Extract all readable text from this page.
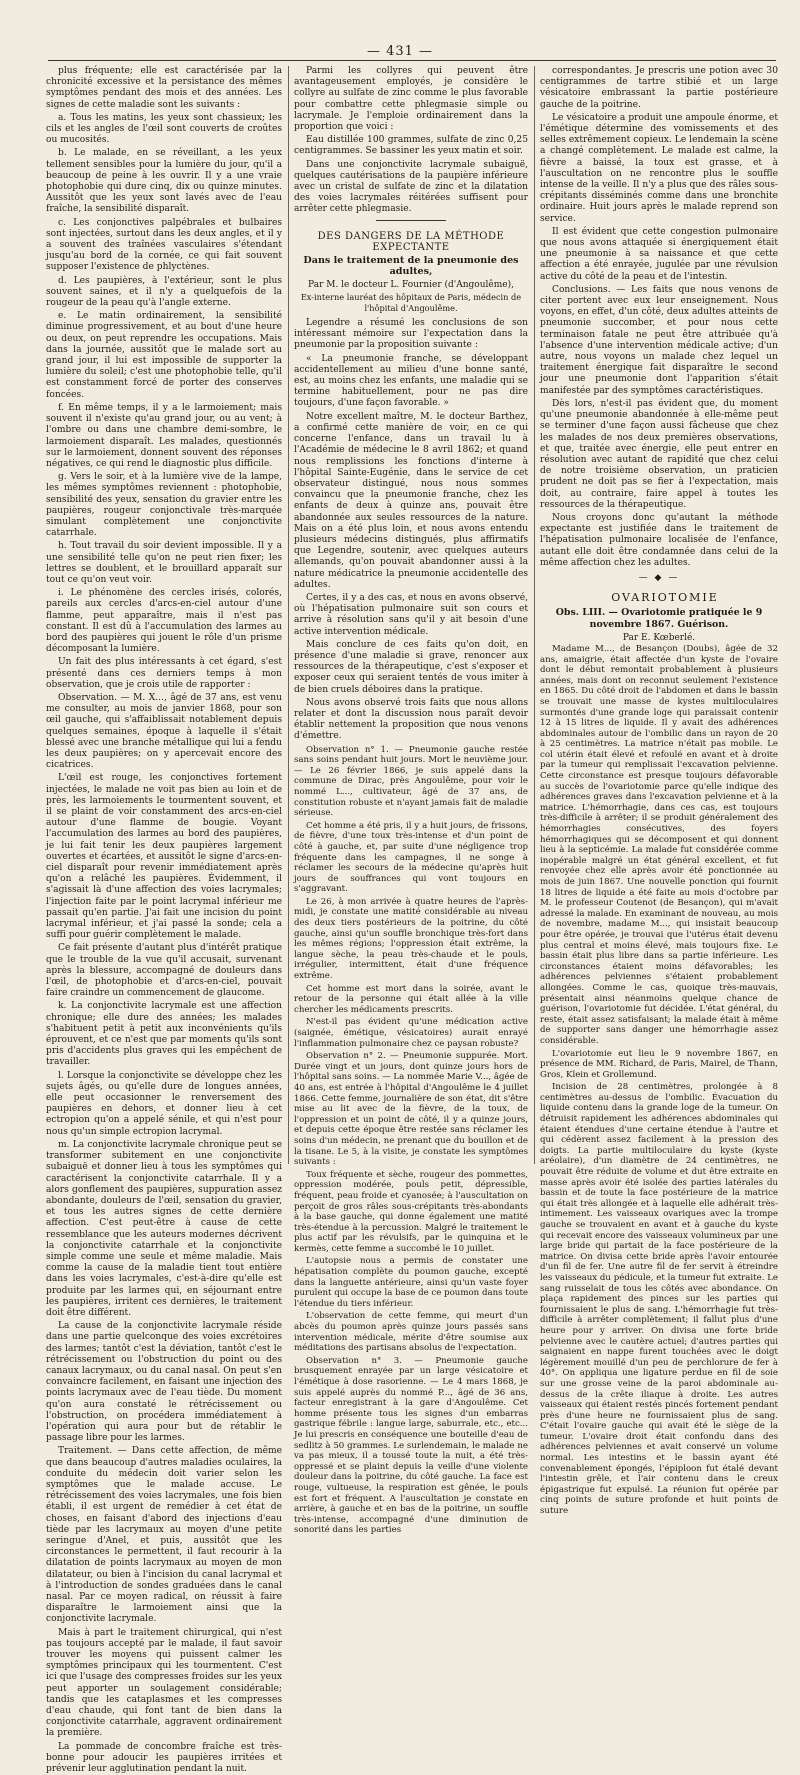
— 431 —

plus fréquente; elle est caractérisée par la chronicité excessive et la persistance des mêmes symptômes pendant des mois et des années. Les signes de cette maladie sont les suivants :

a. Tous les matins, les yeux sont chassieux; les cils et les angles de l'œil sont couverts de croûtes ou mucosités.

b. Le malade, en se réveillant, a les yeux tellement sensibles pour la lumière du jour, qu'il a beaucoup de peine à les ouvrir. Il y a une vraie photophobie qui dure cinq, dix ou quinze minutes. Aussitôt que les yeux sont lavés avec de l'eau fraîche, la sensibilité disparaît.

c. Les conjonctives palpébrales et bulbaires sont injectées, surtout dans les deux angles, et il y a souvent des traînées vasculaires s'étendant jusqu'au bord de la cornée, ce qui fait souvent supposer l'existence de phlyctènes.

d. Les paupières, à l'extérieur, sont le plus souvent saines, et il n'y a quelquefois de la rougeur de la peau qu'à l'angle externe.

e. Le matin ordinairement, la sensibilité diminue progressivement, et au bout d'une heure ou deux, on peut reprendre les occupations. Mais dans la journée, aussitôt que le malade sort au grand jour, il lui est impossible de supporter la lumière du soleil; c'est une photophobie telle, qu'il est constamment forcé de porter des conserves foncées.

f. En même temps, il y a le larmoiement; mais souvent il n'existe qu'au grand jour, ou au vent; à l'ombre ou dans une chambre demi-sombre, le larmoiement disparaît. Les malades, questionnés sur le larmoiement, donnent souvent des réponses négatives, ce qui rend le diagnostic plus difficile.

g. Vers le soir, et à la lumière vive de la lampe, les mêmes symptômes reviennent : photophobie, sensibilité des yeux, sensation du gravier entre les paupières, rougeur conjonctivale très-marquée simulant complètement une conjonctivite catarrhale.

h. Tout travail du soir devient impossible. Il y a une sensibilité telle qu'on ne peut rien fixer; les lettres se doublent, et le brouillard apparaît sur tout ce qu'on veut voir.

i. Le phénomène des cercles irisés, colorés, pareils aux cercles d'arcs-en-ciel autour d'une flamme, peut apparaître, mais il n'est pas constant. Il est dû à l'accumulation des larmes au bord des paupières qui jouent le rôle d'un prisme décomposant la lumière.

Un fait des plus intéressants à cet égard, s'est présenté dans ces derniers temps à mon observation, que je crois utile de rapporter :

Observation. — M. X..., âgé de 37 ans, est venu me consulter, au mois de janvier 1868, pour son œil gauche, qui s'affaiblissait notablement depuis quelques semaines, époque à laquelle il s'était blessé avec une branche métallique qui lui a fendu les deux paupières; on y apercevait encore des cicatrices.

L'œil est rouge, les conjonctives fortement injectées, le malade ne voit pas bien au loin et de près, les larmoiements le tourmentent souvent, et il se plaint de voir constamment des arcs-en-ciel autour d'une flamme de bougie. Voyant l'accumulation des larmes au bord des paupières, je lui fait tenir les deux paupières largement ouvertes et écartées, et aussitôt le signe d'arcs-en-ciel disparaît pour revenir immédiatement après qu'on a relâché les paupières. Évidemment, il s'agissait là d'une affection des voies lacrymales; l'injection faite par le point lacrymal inférieur me passait qu'en partie. J'ai fait une incision du point lacrymal inférieur, et j'ai passé la sonde; cela a suffi pour guérir complètement le malade.

Ce fait présente d'autant plus d'intérêt pratique que le trouble de la vue qu'il accusait, survenant après la blessure, accompagné de douleurs dans l'œil, de photophobie et d'arcs-en-ciel, pouvait faire craindre un commencement de glaucome.

k. La conjonctivite lacrymale est une affection chronique; elle dure des années; les malades s'habituent petit à petit aux inconvénients qu'ils éprouvent, et ce n'est que par moments qu'ils sont pris d'accidents plus graves qui les empêchent de travailler.

l. Lorsque la conjonctivite se développe chez les sujets âgés, ou qu'elle dure de longues années, elle peut occasionner le renversement des paupières en dehors, et donner lieu à cet ectropion qu'on a appelé sénile, et qui n'est pour nous qu'un simple ectropion lacrymal.

m. La conjonctivite lacrymale chronique peut se transformer subitement en une conjonctivite subaiguë et donner lieu à tous les symptômes qui caractérisent la conjonctivite catarrhale. Il y a alors gonflement des paupières, suppuration assez abondante, douleurs de l'œil, sensation du gravier, et tous les autres signes de cette dernière affection. C'est peut-être à cause de cette ressemblance que les auteurs modernes décrivent la conjonctivite catarrhale et la conjonctivite simple comme une seule et même maladie. Mais comme la cause de la maladie tient tout entière dans les voies lacrymales, c'est-à-dire qu'elle est produite par les larmes qui, en séjournant entre les paupières, irritent ces dernières, le traitement doit être différent.

La cause de la conjonctivite lacrymale réside dans une partie quelconque des voies excrétoires des larmes; tantôt c'est la déviation, tantôt c'est le rétrécissement ou l'obstruction du point ou des canaux lacrymaux, ou du canal nasal. On peut s'en convaincre facilement, en faisant une injection des points lacrymaux avec de l'eau tiède. Du moment qu'on aura constaté le rétrécissement ou l'obstruction, on procédera immédiatement à l'opération qui aura pour but de rétablir le passage libre pour les larmes.

Traitement. — Dans cette affection, de même que dans beaucoup d'autres maladies oculaires, la conduite du médecin doit varier selon les symptômes que le malade accuse. Le rétrécissement des voies lacrymales, une fois bien établi, il est urgent de remédier à cet état de choses, en faisant d'abord des injections d'eau tiède par les lacrymaux au moyen d'une petite seringue d'Anel, et puis, aussitôt que les circonstances le permettent, il faut recourir à la dilatation de points lacrymaux au moyen de mon dilatateur, ou bien à l'incision du canal lacrymal et à l'introduction de sondes graduées dans le canal nasal. Par ce moyen radical, on réussit à faire disparaître le larmoiement ainsi que la conjonctivite lacrymale.

Mais à part le traitement chirurgical, qui n'est pas toujours accepté par le malade, il faut savoir trouver les moyens qui puissent calmer les symptômes principaux qui les tourmentent. C'est ici que l'usage des compresses froides sur les yeux peut apporter un soulagement considérable; tandis que les cataplasmes et les compresses d'eau chaude, qui font tant de bien dans la conjonctivite catarrhale, aggravent ordinairement la première.

La pommade de concombre fraîche est très-bonne pour adoucir les paupières irritées et prévenir leur agglutination pendant la nuit.

Parmi les collyres qui peuvent être avantageusement employés, je considère le collyre au sulfate de zinc comme le plus favorable pour combattre cette phlegmasie simple ou lacrymale. Je l'emploie ordinairement dans la proportion que voici :

Eau distillée 100 grammes, sulfate de zinc 0,25 centigrammes. Se bassiner les yeux matin et soir.

Dans une conjonctivite lacrymale subaiguë, quelques cautérisations de la paupière inférieure avec un cristal de sulfate de zinc et la dilatation des voies lacrymales réitérées suffisent pour arrêter cette phlegmasie.

DES DANGERS DE LA MÉTHODE EXPECTANTE

Dans le traitement de la pneumonie des adultes,

Par M. le docteur L. Fournier (d'Angoulême),

Ex-interne lauréat des hôpitaux de Paris, médecin de l'hôpital d'Angoulême.

Legendre a résumé les conclusions de son intéressant mémoire sur l'expectation dans la pneumonie par la proposition suivante :

« La pneumonie franche, se développant accidentellement au milieu d'une bonne santé, est, au moins chez les enfants, une maladie qui se termine habituellement, pour ne pas dire toujours, d'une façon favorable. »

Notre excellent maître, M. le docteur Barthez, a confirmé cette manière de voir, en ce qui concerne l'enfance, dans un travail lu à l'Académie de médecine le 8 avril 1862; et quand nous remplissions les fonctions d'interne à l'hôpital Sainte-Eugénie, dans le service de cet observateur distingué, nous nous sommes convaincu que la pneumonie franche, chez les enfants de deux à quinze ans, pouvait être abandonnée aux seules ressources de la nature. Mais on a été plus loin, et nous avons entendu plusieurs médecins distingués, plus affirmatifs que Legendre, soutenir, avec quelques auteurs allemands, qu'on pouvait abandonner aussi à la nature médicatrice la pneumonie accidentelle des adultes.

Certes, il y a des cas, et nous en avons observé, où l'hépatisation pulmonaire suit son cours et arrive à résolution sans qu'il y ait besoin d'une active intervention médicale.

Mais conclure de ces faits qu'on doit, en présence d'une maladie si grave, renoncer aux ressources de la thérapeutique, c'est s'exposer et exposer ceux qui seraient tentés de vous imiter à de bien cruels déboires dans la pratique.

Nous avons observé trois faits que nous allons relater et dont la discussion nous paraît devoir établir nettement la proposition que nous venons d'émettre.

Observation n° 1. — Pneumonie gauche restée sans soins pendant huit jours. Mort le neuvième jour. — Le 26 février 1866, je suis appelé dans la commune de Dirac, près Angoulême, pour voir le nommé L..., cultivateur, âgé de 37 ans, de constitution robuste et n'ayant jamais fait de maladie sérieuse.

Cet homme a été pris, il y a huit jours, de frissons, de fièvre, d'une toux très-intense et d'un point de côté à gauche, et, par suite d'une négligence trop fréquente dans les campagnes, il ne songe à réclamer les secours de la médecine qu'après huit jours de souffrances qui vont toujours en s'aggravant.

Le 26, à mon arrivée à quatre heures de l'après-midi, je constate une matité considérable au niveau des deux tiers postérieurs de la poitrine, du côté gauche, ainsi qu'un souffle bronchique très-fort dans les mêmes régions; l'oppression était extrême, la langue sèche, la peau très-chaude et le pouls, irrégulier, intermittent, était d'une fréquence extrême.

Cet homme est mort dans la soirée, avant le retour de la personne qui était allée à la ville chercher les médicaments prescrits.

N'est-il pas évident qu'une médication active (saignée, émétique, vésicatoires) aurait enrayé l'inflammation pulmonaire chez ce paysan robuste?

Observation n° 2. — Pneumonie suppurée. Mort. Durée vingt et un jours, dont quinze jours hors de l'hôpital sans soins. — La nommée Marie V..., âgée de 40 ans, est entrée à l'hôpital d'Angoulême le 4 juillet 1866. Cette femme, journalière de son état, dit s'être mise au lit avec de la fièvre, de la toux, de l'oppression et un point de côté, il y a quinze jours, et depuis cette époque être restée sans réclamer les soins d'un médecin, ne prenant que du bouillon et de la tisane. Le 5, à la visite, je constate les symptômes suivants :

Toux fréquente et sèche, rougeur des pommettes, oppression modérée, pouls petit, dépressible, fréquent, peau froide et cyanosée; à l'auscultation on perçoit de gros râles sous-crépitants très-abondants à la base gauche, qui donne également une matité très-étendue à la percussion. Malgré le traitement le plus actif par les révulsifs, par le quinquina et le kermès, cette femme a succombé le 10 juillet.

L'autopsie nous a permis de constater une hépatisation complète du poumon gauche, excepté dans la languette antérieure, ainsi qu'un vaste foyer purulent qui occupe la base de ce poumon dans toute l'étendue du tiers inférieur.

L'observation de cette femme, qui meurt d'un abcès du poumon après quinze jours passés sans intervention médicale, mérite d'être soumise aux méditations des partisans absolus de l'expectation.

Observation n° 3. — Pneumonie gauche brusquement enrayée par un large vésicatoire et l'émétique à dose rasorienne. — Le 4 mars 1868, je suis appelé auprès du nommé P..., âgé de 36 ans, facteur enregistrant à la gare d'Angoulême. Cet homme présente tous les signes d'un embarras gastrique fébrile : langue large, saburrale, etc., etc... Je lui prescris en conséquence une bouteille d'eau de sedlitz à 50 grammes. Le surlendemain, le malade ne va pas mieux, il a toussé toute la nuit, a été très-oppressé et se plaint depuis la veille d'une violente douleur dans la poitrine, du côté gauche. La face est rouge, vultueuse, la respiration est gênée, le pouls est fort et fréquent. A l'auscultation je constate en arrière, à gauche et en bas de la poitrine, un souffle très-intense, accompagné d'une diminution de sonorité dans les parties

correspondantes. Je prescris une potion avec 30 centigrammes de tartre stibié et un large vésicatoire embrassant la partie postérieure gauche de la poitrine.

Le vésicatoire a produit une ampoule énorme, et l'émétique détermine des vomissements et des selles extrêmement copieux. Le lendemain la scène a changé complètement. Le malade est calme, la fièvre a baissé, la toux est grasse, et à l'auscultation on ne rencontre plus le souffle intense de la veille. Il n'y a plus que des râles sous-crépitants disséminés comme dans une bronchite ordinaire. Huit jours après le malade reprend son service.

Il est évident que cette congestion pulmonaire que nous avons attaquée si énergiquement était une pneumonie à sa naissance et que cette affection a été enrayée, jugulée par une révulsion active du côté de la peau et de l'intestin.

Conclusions. — Les faits que nous venons de citer portent avec eux leur enseignement. Nous voyons, en effet, d'un côté, deux adultes atteints de pneumonie succomber, et pour nous cette terminaison fatale ne peut être attribuée qu'à l'absence d'une intervention médicale active; d'un autre, nous voyons un malade chez lequel un traitement énergique fait disparaître le second jour une pneumonie dont l'apparition s'était manifestée par des symptômes caractéristiques.

Dès lors, n'est-il pas évident que, du moment qu'une pneumonie abandonnée à elle-même peut se terminer d'une façon aussi fâcheuse que chez les malades de nos deux premières observations, et que, traitée avec énergie, elle peut entrer en résolution avec autant de rapidité que chez celui de notre troisième observation, un praticien prudent ne doit pas se fier à l'expectation, mais doit, au contraire, faire appel à toutes les ressources de la thérapeutique.

Nous croyons donc qu'autant la méthode expectante est justifiée dans le traitement de l'hépatisation pulmonaire localisée de l'enfance, autant elle doit être condamnée dans celui de la même affection chez les adultes.

— ◆ —

OVARIOTOMIE

Obs. LIII. — Ovariotomie pratiquée le 9 novembre 1867. Guérison.

Par E. Kœberlé.

Madame M..., de Besançon (Doubs), âgée de 32 ans, amaigrie, était affectée d'un kyste de l'ovaire dont le début remontait probablement à plusieurs années, mais dont on reconnut seulement l'existence en 1865. Du côté droit de l'abdomen et dans le bassin se trouvait une masse de kystes multiloculaires surmontés d'une grande loge qui paraissait contenir 12 à 15 litres de liquide. Il y avait des adhérences abdominales autour de l'ombilic dans un rayon de 20 à 25 centimètres. La matrice n'était pas mobile. Le col utérin était élevé et refoulé en avant et à droite par la tumeur qui remplissait l'excavation pelvienne. Cette circonstance est presque toujours défavorable au succès de l'ovariotomie parce qu'elle indique des adhérences graves dans l'excavation pelvienne et à la matrice. L'hémorrhagie, dans ces cas, est toujours très-difficile à arrêter; il se produit généralement des hémorrhagies consécutives, des foyers hémorrhagiques qui se décomposent et qui donnent lieu à la septicémie. La malade fut considérée comme inopérable malgré un état général excellent, et fut renvoyée chez elle après avoir été ponctionnée au mois de juin 1867. Une nouvelle ponction qui fournit 18 litres de liquide a été faite au mois d'octobre par M. le professeur Coutenot (de Besançon), qui m'avait adressé la malade. En examinant de nouveau, au mois de novembre, madame M..., qui insistait beaucoup pour être opérée, je trouvai que l'utérus était devenu plus central et moins élevé, mais toujours fixe. Le bassin était plus libre dans sa partie inférieure. Les circonstances étaient moins défavorables; les adhérences pelviennes s'étaient probablement allongées. Comme le cas, quoique très-mauvais, présentait ainsi néanmoins quelque chance de guérison, l'ovariotomie fut décidée. L'état général, du reste, était assez satisfaisant; la malade était à même de supporter sans danger une hémorrhagie assez considérable.

L'ovariotomie eut lieu le 9 novembre 1867, en présence de MM. Richard, de Paris, Mairel, de Thann, Gros, Klein et Grollemund.

Incision de 28 centimètres, prolongée à 8 centimètres au-dessus de l'ombilic. Évacuation du liquide contenu dans la grande loge de la tumeur. On détruisit rapidement les adhérences abdominales qui étaient étendues d'une certaine étendue à l'autre et qui cédèrent assez facilement à la pression des doigts. La partie multiloculaire du kyste (kyste aréolaire), d'un diamètre de 24 centimètres, ne pouvait être réduite de volume et dut être extraite en masse après avoir été isolée des parties latérales du bassin et de toute la face postérieure de la matrice qui était très allongée et à laquelle elle adhérait très-intimement. Les vaisseaux ovariques avec la trompe gauche se trouvaient en avant et à gauche du kyste qui recevait encore des vaisseaux volumineux par une large bride qui partait de la face postérieure de la matrice. On divisa cette bride après l'avoir entourée d'un fil de fer. Une autre fil de fer servit à étreindre les vaisseaux du pédicule, et la tumeur fut extraite. Le sang ruisselait de tous les côtés avec abondance. On plaça rapidement des pinces sur les parties qui fournissaient le plus de sang. L'hémorrhagie fut très-difficile à arrêter complètement; il fallut plus d'une heure pour y arriver. On divisa une forte bride pelvienne avec le cautère actuel; d'autres parties qui saignaient en nappe furent touchées avec le doigt légèrement mouillé d'un peu de perchlorure de fer à 40°. On appliqua une ligature perdue en fil de soie sur une grosse veine de la paroi abdominale au-dessus de la crête iliaque à droite. Les autres vaisseaux qui étaient restés pincés fortement pendant près d'une heure ne fournissaient plus de sang. C'était l'ovaire gauche qui avait été le siège de la tumeur. L'ovaire droit était confondu dans des adhérences pelviennes et avait conservé un volume normal. Les intestins et le bassin ayant été convenablement épongés, l'épiploon fut étalé devant l'intestin grêle, et l'air contenu dans le creux épigastrique fut expulsé. La réunion fut opérée par cinq points de suture profonde et huit points de suture
